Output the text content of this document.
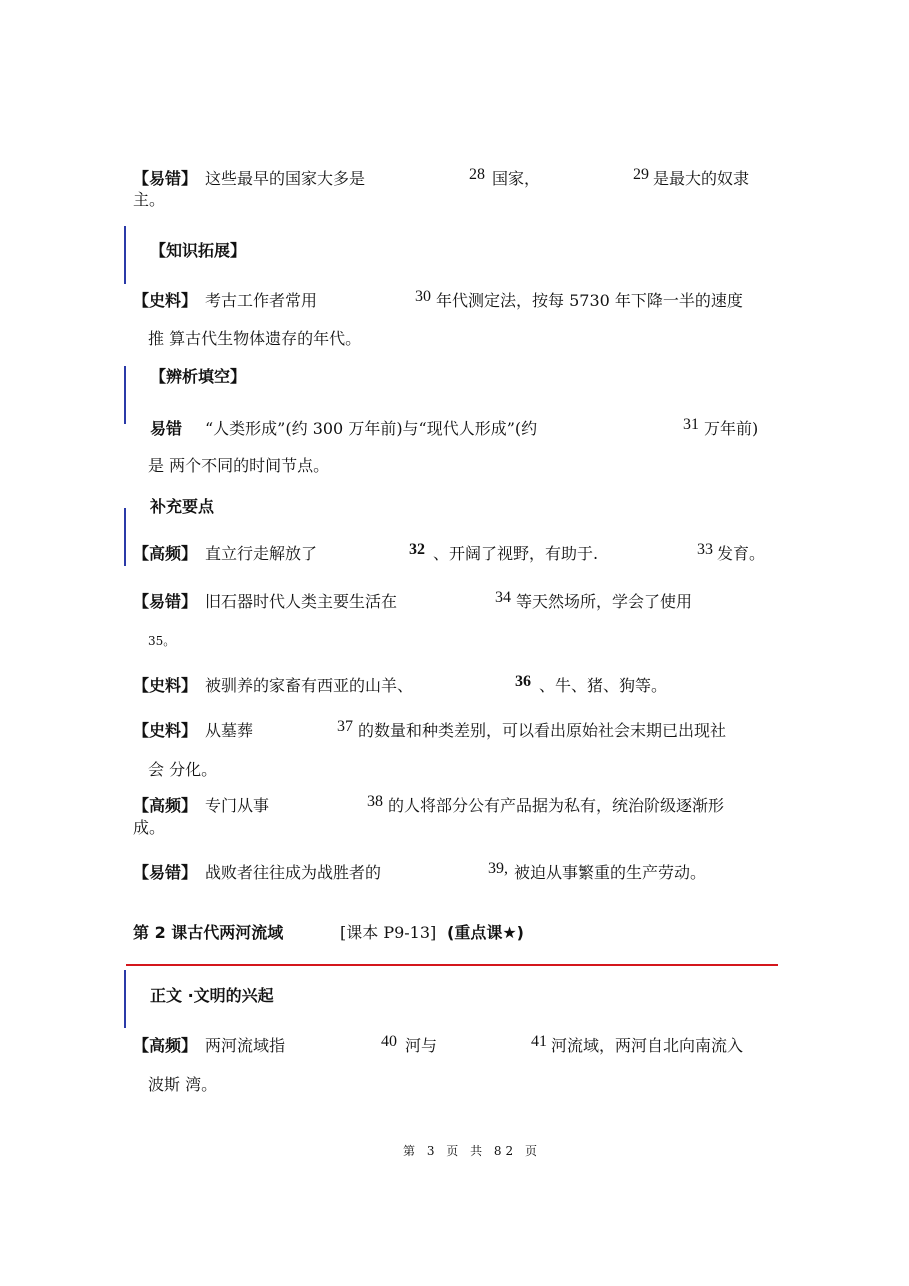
【易错】 这些最早的国家大多是	28 国家，	29 是最大的奴隶
主。
【知识拓展】
【史料】 考古工作者常用	30 年代测定法，按每 5730 年下降一半的速度
推 算古代生物体遗存的年代。
【辨析填空】
易错 “人类形成”(约 300 万年前)与“现代人形成”(约	31 万年前)
是 两个不同的时间节点。
补充要点
【高频】 直立行走解放了	32 、开阔了视野，有助于.	33 发育。
【易错】 旧石器时代人类主要生活在	34 等天然场所，学会了使用
35。
【史料】 被驯养的家畜有西亚的山羊、	36 、牛、猪、狗等。
【史料】 从墓葬	37 的数量和种类差别，可以看出原始社会末期已出现社
会 分化。
【高频】 专门从事	38 的人将部分公有产品据为私有，统治阶级逐渐形
成。
【易错】 战败者往往成为战胜者的	39, 被迫从事繁重的生产劳动。
第 2 课古代两河流域	[课本 P9-13] (重点课★)
正文 ·文明的兴起
【高频】 两河流域指	40 河与	41 河流域，两河自北向南流入
波斯 湾。
第 3 页 共 82 页
